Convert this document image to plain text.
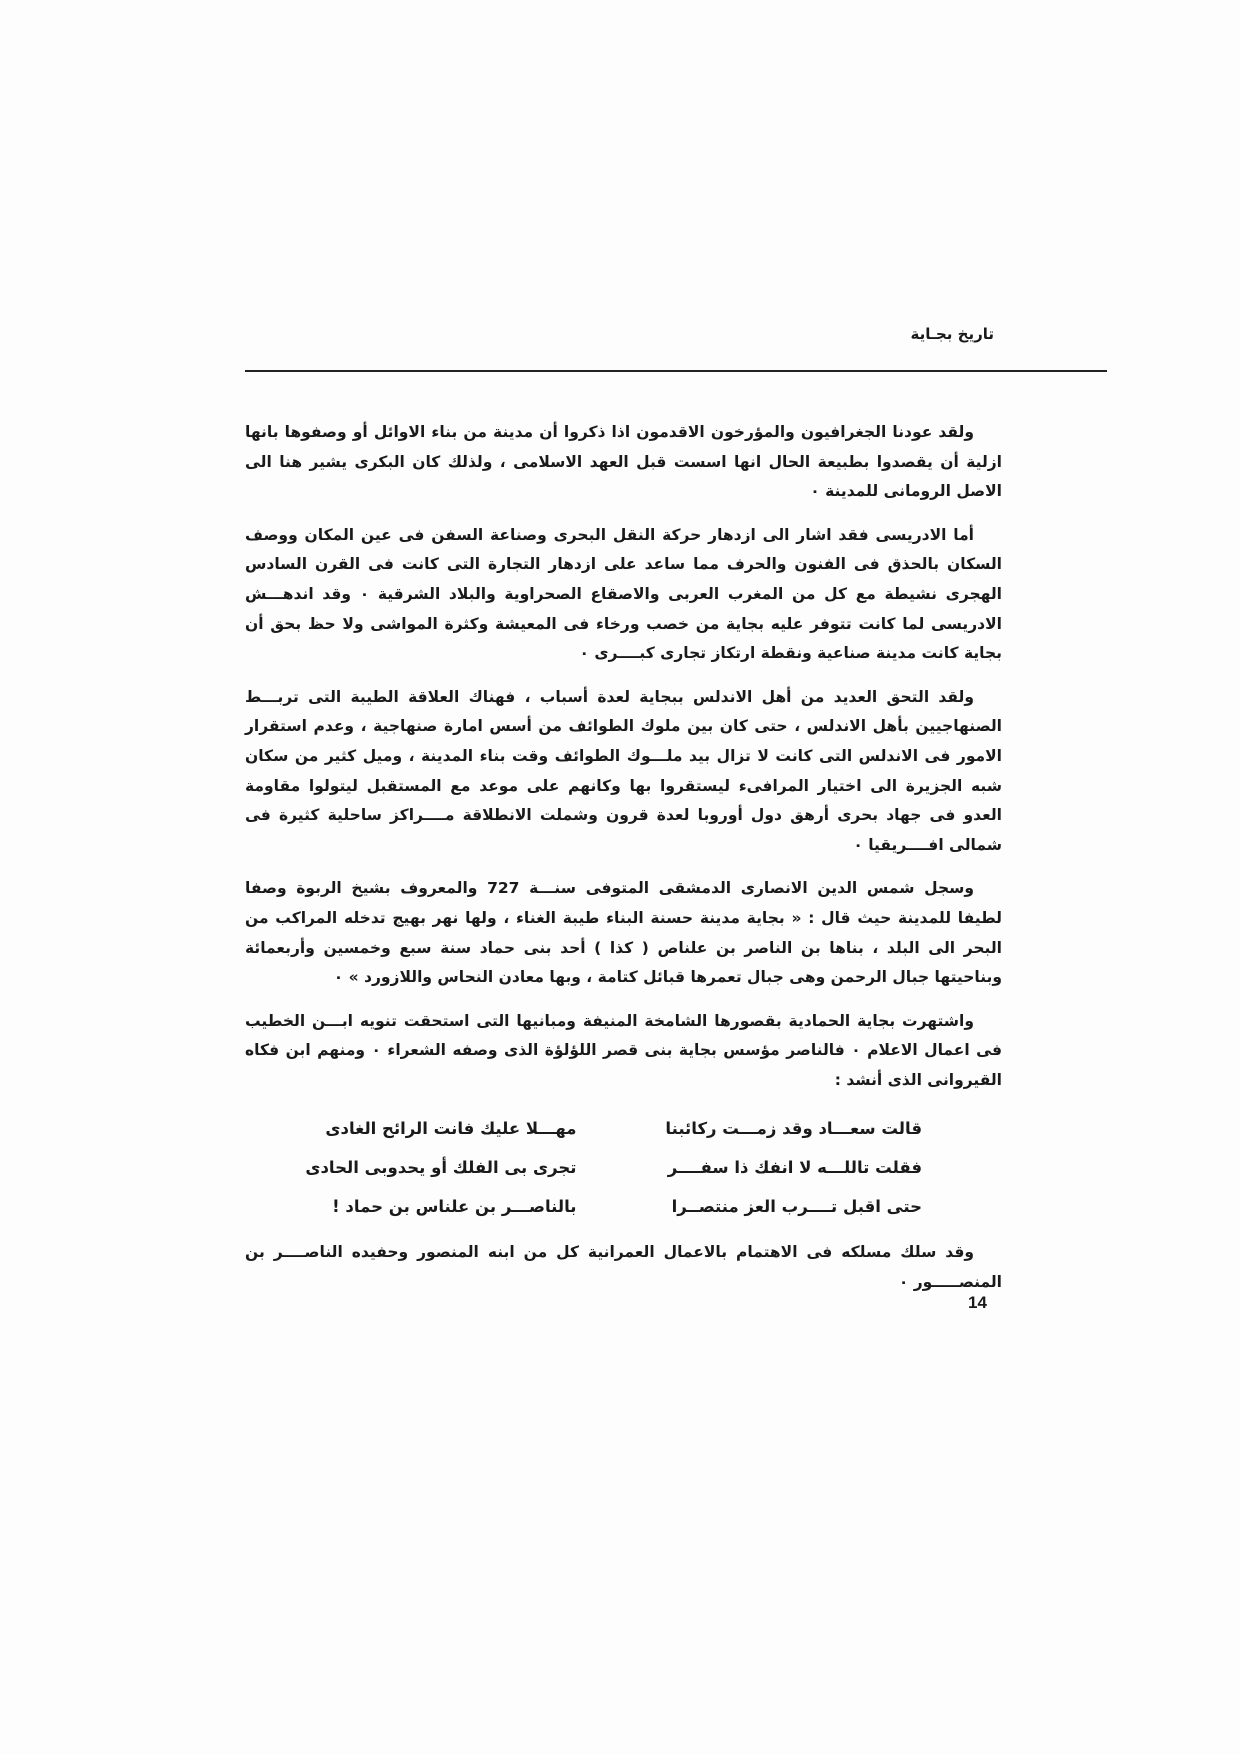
تاريخ بجـاية

ولقد عودنا الجغرافيون والمؤرخون الاقدمون اذا ذكروا أن مدينة من بناء الاوائل أو وصفوها بانها ازلية أن يقصدوا بطبيعة الحال انها اسست قبل العهد الاسلامى ، ولذلك كان البكرى يشير هنا الى الاصل الرومانى للمدينة ٠

أما الادريسى فقد اشار الى ازدهار حركة النقل البحرى وصناعة السفن فى عين المكان ووصف السكان بالحذق فى الفنون والحرف مما ساعد على ازدهار التجارة التى كانت فى القرن السادس الهجرى نشيطة مع كل من المغرب العربى والاصقاع الصحراوية والبلاد الشرقية ٠ وقد اندهـــش الادريسى لما كانت تتوفر عليه بجاية من خصب ورخاء فى المعيشة وكثرة المواشى ولا حظ بحق أن بجاية كانت مدينة صناعية ونقطة ارتكاز تجارى كبــــرى ٠

ولقد التحق العديد من أهل الاندلس ببجاية لعدة أسباب ، فهناك العلاقة الطيبة التى تربـــط الصنهاجيين بأهل الاندلس ، حتى كان بين ملوك الطوائف من أسس امارة صنهاجية ، وعدم استقرار الامور فى الاندلس التى كانت لا تزال بيد ملـــوك الطوائف وقت بناء المدينة ، وميل كثير من سكان شبه الجزيرة الى اختيار المرافىء ليستقروا بها وكانهم على موعد مع المستقبل ليتولوا مقاومة العدو فى جهاد بحرى أرهق دول أوروبا لعدة قرون وشملت الانطلاقة مــــراكز ساحلية كثيرة فى شمالى افــــريقيا ٠

وسجل شمس الدين الانصارى الدمشقى المتوفى سنـــة 727 والمعروف بشيخ الربوة وصفا لطيفا للمدينة حيث قال : « بجاية مدينة حسنة البناء طيبة الغناء ، ولها نهر بهيج تدخله المراكب من البحر الى البلد ، بناها بن الناصر بن علناص ( كذا ) أحد بنى حماد سنة سبع وخمسين وأربعمائة وبناحيتها جبال الرحمن وهى جبال تعمرها قبائل كتامة ، وبها معادن النحاس واللازورد » ٠

واشتهرت بجاية الحمادية بقصورها الشامخة المنيفة ومبانيها التى استحقت تنويه ابـــن الخطيب فى اعمال الاعلام ٠ فالناصر مؤسس بجاية بنى قصر اللؤلؤة الذى وصفه الشعراء ٠ ومنهم ابن فكاه القيروانى الذى أنشد :

قالت سعـــاد وقد زمـــت ركائبنا
مهـــلا عليك فانت الرائح الغادى
فقلت تاللـــه لا انفك ذا سفــــر
تجرى بى الفلك أو يحدوبى الحادى
حتى اقبل تــــرب العز منتصــرا
بالناصـــر بن علناس بن حماد !

وقد سلك مسلكه فى الاهتمام بالاعمال العمرانية كل من ابنه المنصور وحفيده الناصــــر بن المنصـــــور ٠

14
